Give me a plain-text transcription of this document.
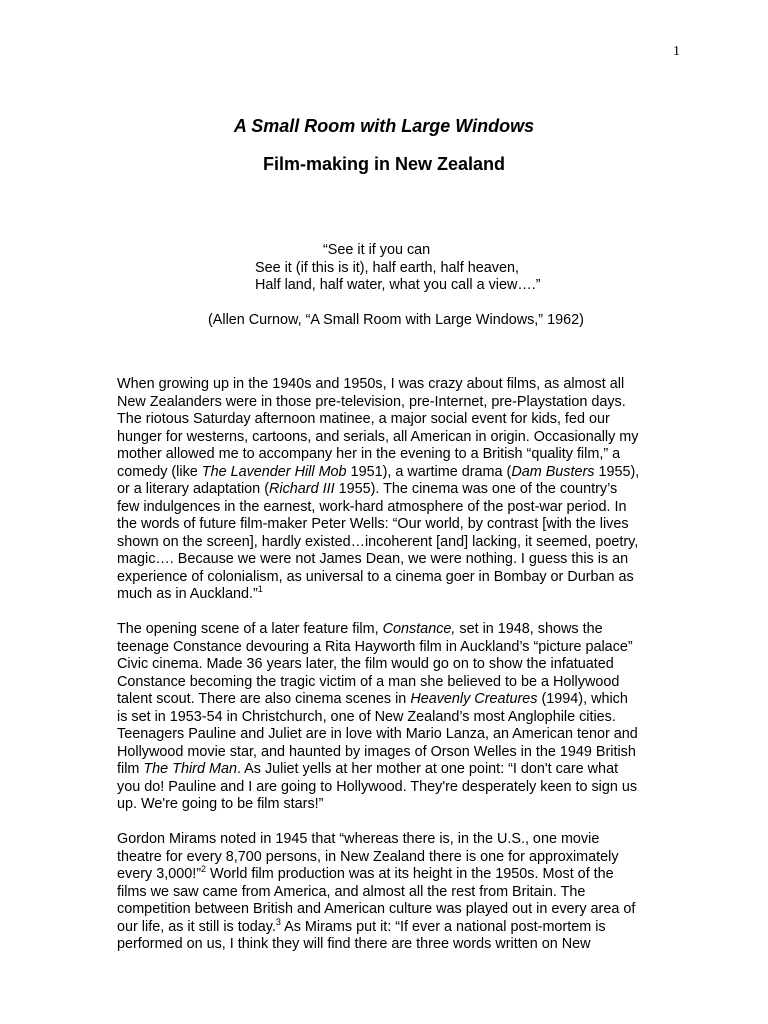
1
A Small Room with Large Windows
Film-making in New Zealand
“See it if you can
See it (if this is it), half earth, half heaven,
Half land, half water, what you call a view….”
(Allen Curnow, “A Small Room with Large Windows,” 1962)
When growing up in the 1940s and 1950s, I was crazy about films, as almost all
New Zealanders were in those pre-television, pre-Internet, pre-Playstation days.
The riotous Saturday afternoon matinee, a major social event for kids, fed our
hunger for westerns, cartoons, and serials, all American in origin. Occasionally my
mother allowed me to accompany her in the evening to a British “quality film,” a
comedy (like The Lavender Hill Mob 1951), a wartime drama (Dam Busters 1955),
or a literary adaptation (Richard III 1955). The cinema was one of the country’s
few indulgences in the earnest, work-hard atmosphere of the post-war period. In
the words of future film-maker Peter Wells: “Our world, by contrast [with the lives
shown on the screen], hardly existed…incoherent [and] lacking, it seemed, poetry,
magic…. Because we were not James Dean, we were nothing. I guess this is an
experience of colonialism, as universal to a cinema goer in Bombay or Durban as
much as in Auckland.”$^1$
The opening scene of a later feature film, Constance, set in 1948, shows the
teenage Constance devouring a Rita Hayworth film in Auckland’s “picture palace”
Civic cinema. Made 36 years later, the film would go on to show the infatuated
Constance becoming the tragic victim of a man she believed to be a Hollywood
talent scout. There are also cinema scenes in Heavenly Creatures (1994), which
is set in 1953-54 in Christchurch, one of New Zealand’s most Anglophile cities.
Teenagers Pauline and Juliet are in love with Mario Lanza, an American tenor and
Hollywood movie star, and haunted by images of Orson Welles in the 1949 British
film The Third Man. As Juliet yells at her mother at one point: “I don't care what
you do! Pauline and I are going to Hollywood. They're desperately keen to sign us
up. We're going to be film stars!”
Gordon Mirams noted in 1945 that “whereas there is, in the U.S., one movie
theatre for every 8,700 persons, in New Zealand there is one for approximately
every 3,000!”$^2$ World film production was at its height in the 1950s. Most of the
films we saw came from America, and almost all the rest from Britain. The
competition between British and American culture was played out in every area of
our life, as it still is today.$^3$ As Mirams put it: “If ever a national post-mortem is
performed on us, I think they will find there are three words written on New
